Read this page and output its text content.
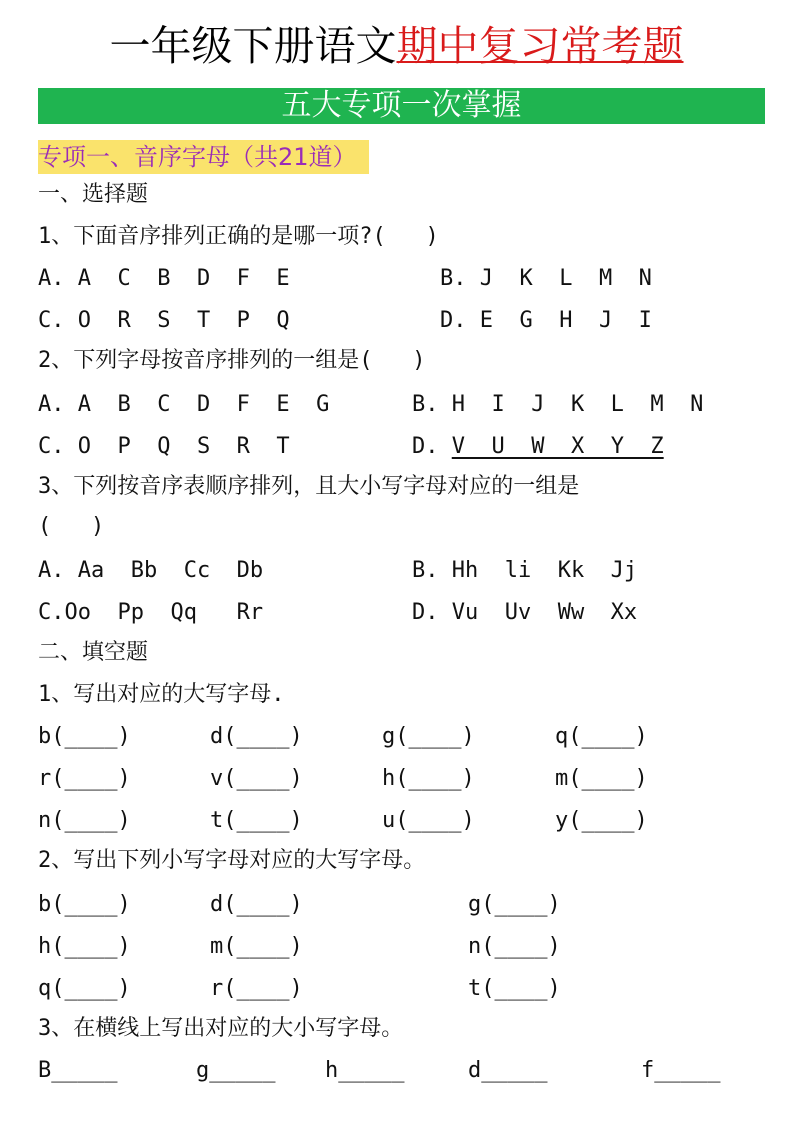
一年级下册语文期中复习常考题
五大专项一次掌握
专项一、音序字母（共21道）
一、选择题
1、下面音序排列正确的是哪一项?(   )
A. A  C  B  D  F  E	B. J  K  L  M  N
C. O  R  S  T  P  Q	D. E  G  H  J  I
2、下列字母按音序排列的一组是(   )
A. A  B  C  D  F  E  G	B. H  I  J  K  L  M  N
C. O  P  Q  S  R  T	D. V  U  W  X  Y  Z
3、下列按音序表顺序排列，且大小写字母对应的一组是
(   )
A. Aa  Bb  Cc  Db	B. Hh  li  Kk  Jj
C.Oo  Pp  Qq   Rr	D. Vu  Uv  Ww  Xx
二、填空题
1、写出对应的大写字母.
b(____)	d(____)	g(____)	q(____)
r(____)	v(____)	h(____)	m(____)
n(____)	t(____)	u(____)	y(____)
2、写出下列小写字母对应的大写字母。
b(____)	d(____)	g(____)
h(____)	m(____)	n(____)
q(____)	r(____)	t(____)
3、在横线上写出对应的大小写字母。
B_____	g_____ h_____	d_____	f_____
